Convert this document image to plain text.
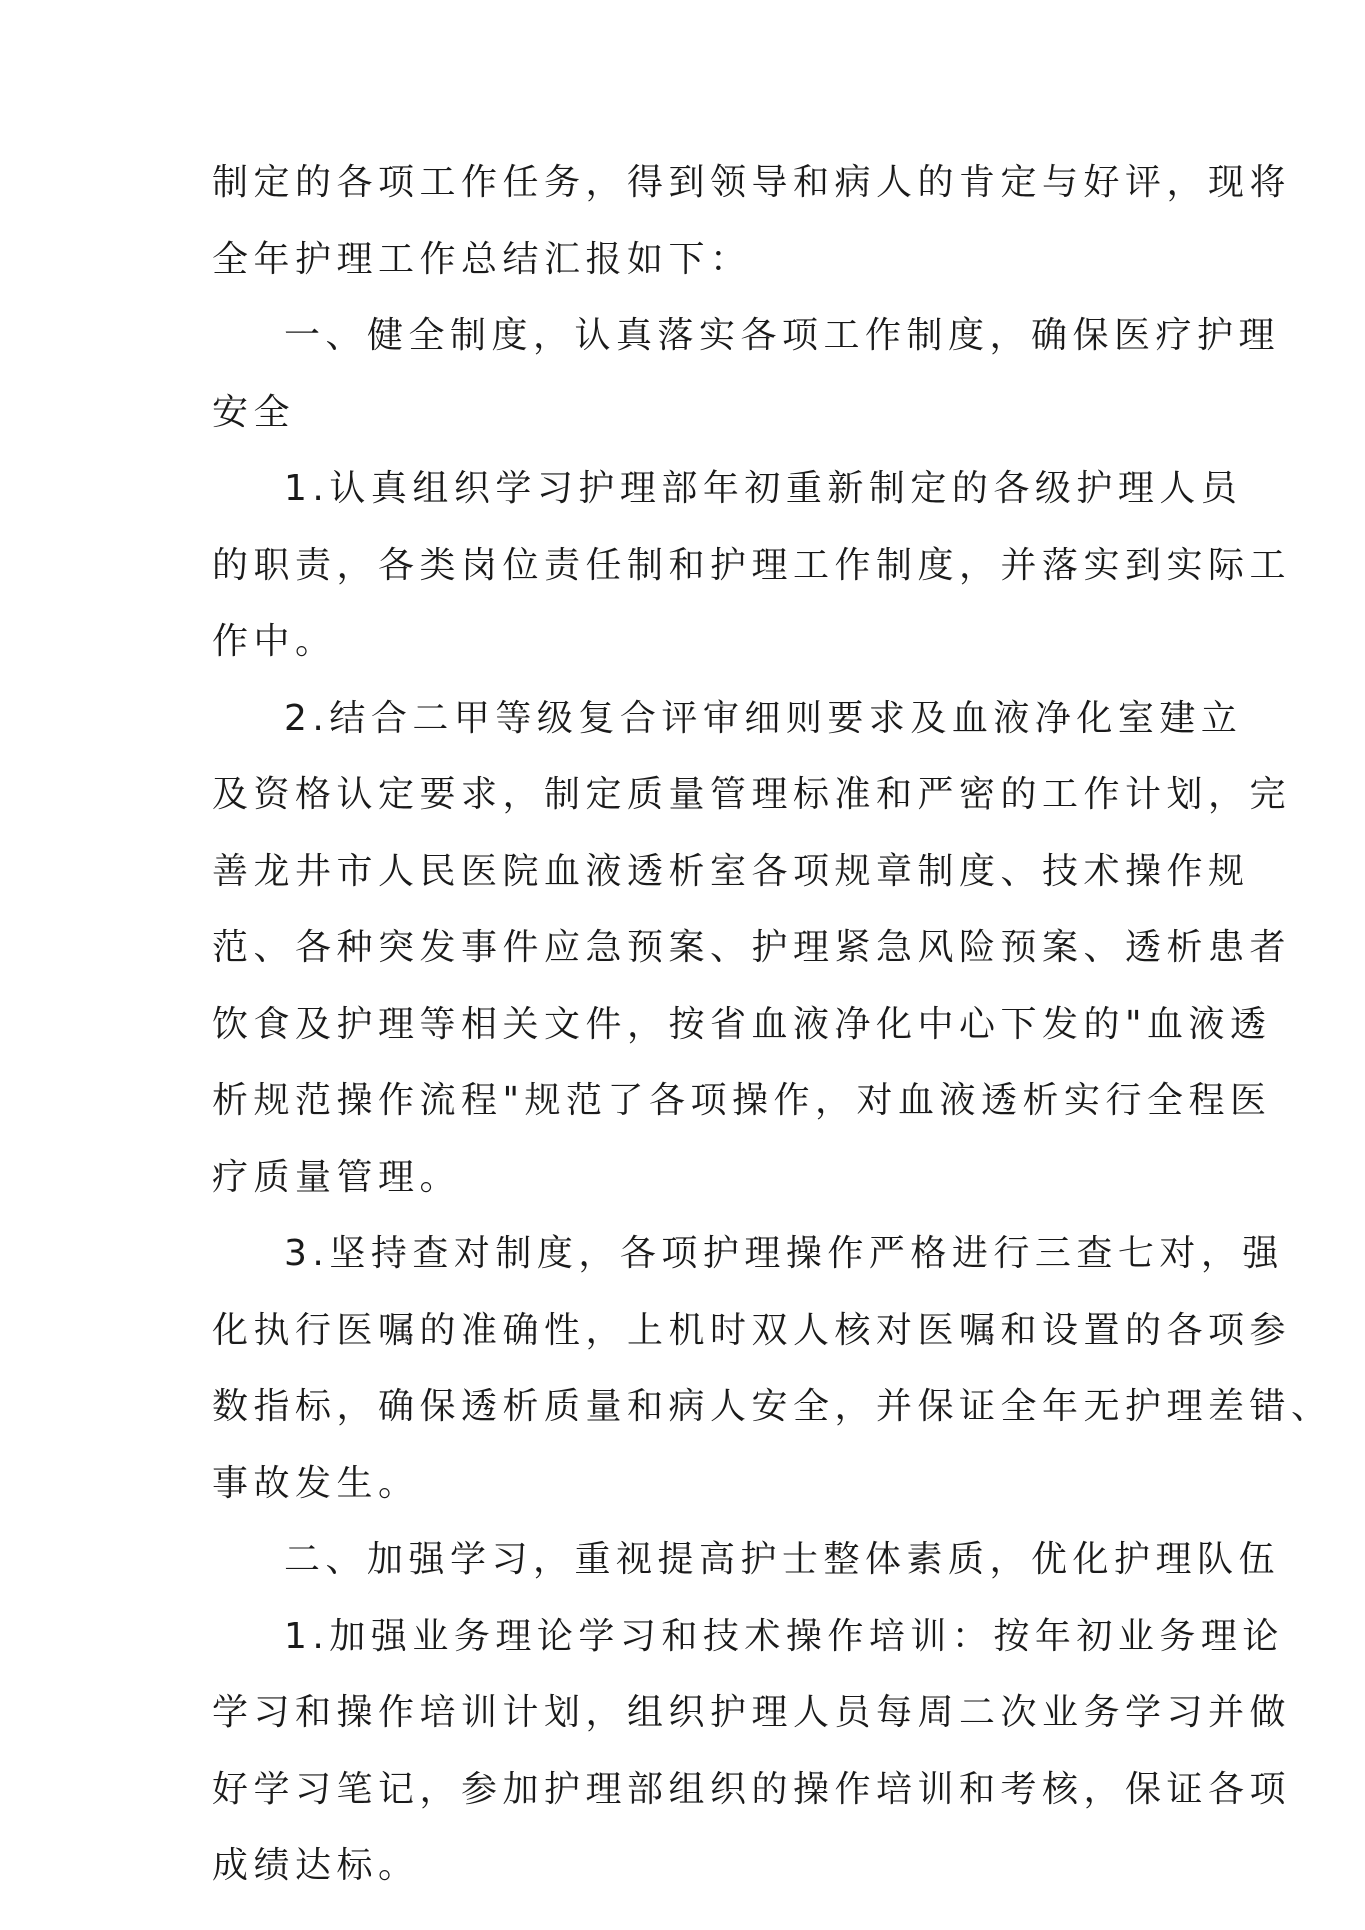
制定的各项工作任务，得到领导和病人的肯定与好评，现将
全年护理工作总结汇报如下：
一、健全制度，认真落实各项工作制度，确保医疗护理
安全
1.认真组织学习护理部年初重新制定的各级护理人员
的职责，各类岗位责任制和护理工作制度，并落实到实际工
作中。
2.结合二甲等级复合评审细则要求及血液净化室建立
及资格认定要求，制定质量管理标准和严密的工作计划，完
善龙井市人民医院血液透析室各项规章制度、技术操作规
范、各种突发事件应急预案、护理紧急风险预案、透析患者
饮食及护理等相关文件，按省血液净化中心下发的"血液透
析规范操作流程"规范了各项操作，对血液透析实行全程医
疗质量管理。
3.坚持查对制度，各项护理操作严格进行三查七对，强
化执行医嘱的准确性，上机时双人核对医嘱和设置的各项参
数指标，确保透析质量和病人安全，并保证全年无护理差错、
事故发生。
二、加强学习，重视提高护士整体素质，优化护理队伍
1.加强业务理论学习和技术操作培训：按年初业务理论
学习和操作培训计划，组织护理人员每周二次业务学习并做
好学习笔记，参加护理部组织的操作培训和考核，保证各项
成绩达标。
